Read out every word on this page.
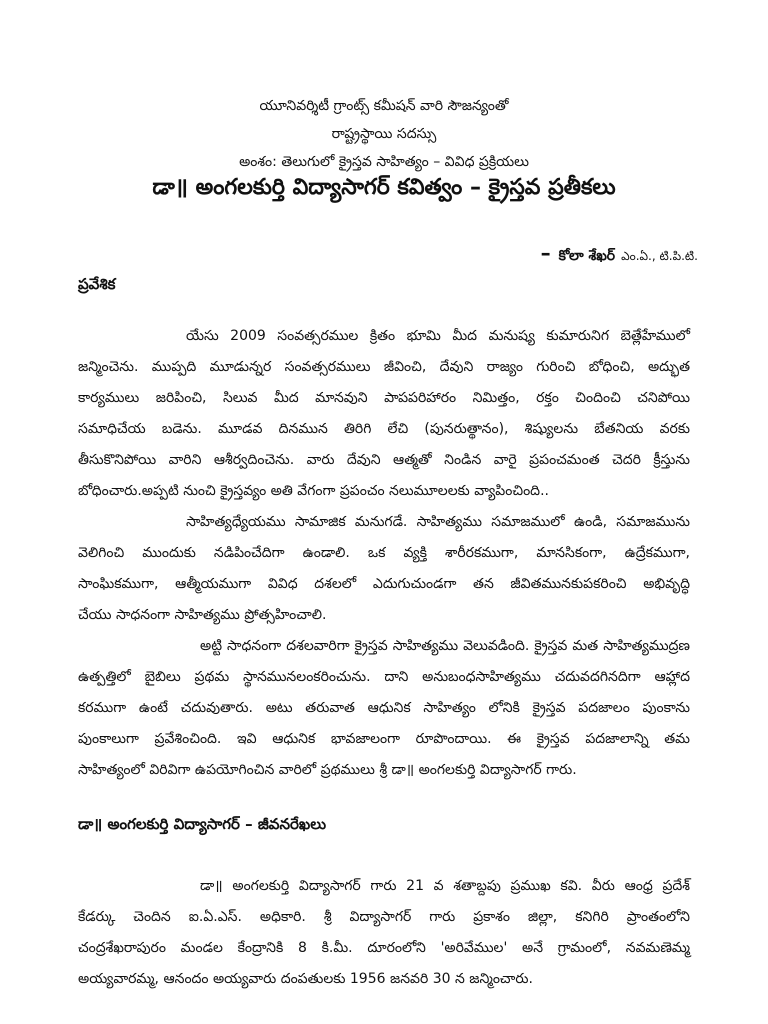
యూనివర్శిటీ గ్రాంట్స్ కమీషన్ వారి సౌజన్యంతో
రాష్ట్రస్థాయి సదస్సు
అంశం: తెలుగులో క్రైస్తవ సాహిత్యం – వివిధ ప్రక్రియలు
డా॥ అంగలకుర్తి విద్యాసాగర్ కవిత్వం – క్రైస్తవ ప్రతీకలు
– కోలా శేఖర్ ఎం.ఏ., టి.పి.టి.
ప్రవేశిక
యేసు 2009 సంవత్సరముల క్రితం భూమి మీద మనుష్య కుమారునిగ బెత్లేహేములో
జన్మించెను. ముప్పది మూడున్నర సంవత్సరములు జీవించి, దేవుని రాజ్యం గురించి బోధించి, అద్భుత
కార్యములు జరిపించి, సిలువ మీద మానవుని పాపపరిహారం నిమిత్తం, రక్తం చిందించి చనిపోయి
సమాధిచేయ బడెను. మూడవ దినమున తిరిగి లేచి (పునరుత్థానం), శిష్యులను బేతనియ వరకు
తీసుకొనిపోయి వారిని ఆశీర్వదించెను. వారు దేవుని ఆత్మతో నిండిన వారై ప్రపంచమంత చెదరి క్రీస్తును
బోధించారు.అప్పటి నుంచి క్రైస్తవ్యం అతి వేగంగా ప్రపంచం నలుమూలలకు వ్యాపించింది..
సాహిత్యధ్యేయము సామాజిక మనుగడే. సాహిత్యము సమాజములో ఉండి, సమాజమును
వెలిగించి ముందుకు నడిపించేదిగా ఉండాలి. ఒక వ్యక్తి శారీరకముగా, మానసికంగా, ఉద్రేకముగా,
సాంఘికముగా, ఆత్మీయముగా వివిధ దశలలో ఎదుగుచుండగా తన జీవితమునకుపకరించి అభివృద్ధి
చేయు సాధనంగా సాహిత్యము ప్రోత్సహించాలి.
అట్టి సాధనంగా దశలవారిగా క్రైస్తవ సాహిత్యము వెలువడింది. క్రైస్తవ మత సాహిత్యముద్రణ
ఉత్పత్తిలో బైబిలు ప్రథమ స్థానమునలంకరించును. దాని అనుబంధసాహిత్యము చదువదగినదిగా ఆహ్లాద
కరముగా ఉంటే చదువుతారు. అటు తరువాత ఆధునిక సాహిత్యం లోనికి క్రైస్తవ పదజాలం పుంకాను
పుంకాలుగా ప్రవేశించింది. ఇవి ఆధునిక భావజాలంగా రూపొందాయి. ఈ క్రైస్తవ పదజాలాన్ని తమ
సాహిత్యంలో విరివిగా ఉపయోగించిన వారిలో ప్రథములు శ్రీ డా॥ అంగలకుర్తి విద్యాసాగర్ గారు.
డా॥ అంగలకుర్తి విద్యాసాగర్ – జీవనరేఖలు
డా॥ అంగలకుర్తి విద్యాసాగర్ గారు 21 వ శతాబ్దపు ప్రముఖ కవి. వీరు ఆంధ్ర ప్రదేశ్
కేడర్కు చెందిన ఐ.ఏ.ఎస్. అధికారి. శ్రీ విద్యాసాగర్ గారు ప్రకాశం జిల్లా, కనిగిరి ప్రాంతంలోని
చంద్రశేఖరాపురం మండల కేంద్రానికి 8 కి.మీ. దూరంలోని 'అరివేముల' అనే గ్రామంలో, నవమణెమ్మ
అయ్యవారమ్మ, ఆనందం అయ్యవారు దంపతులకు 1956 జనవరి 30 న జన్మించారు.
